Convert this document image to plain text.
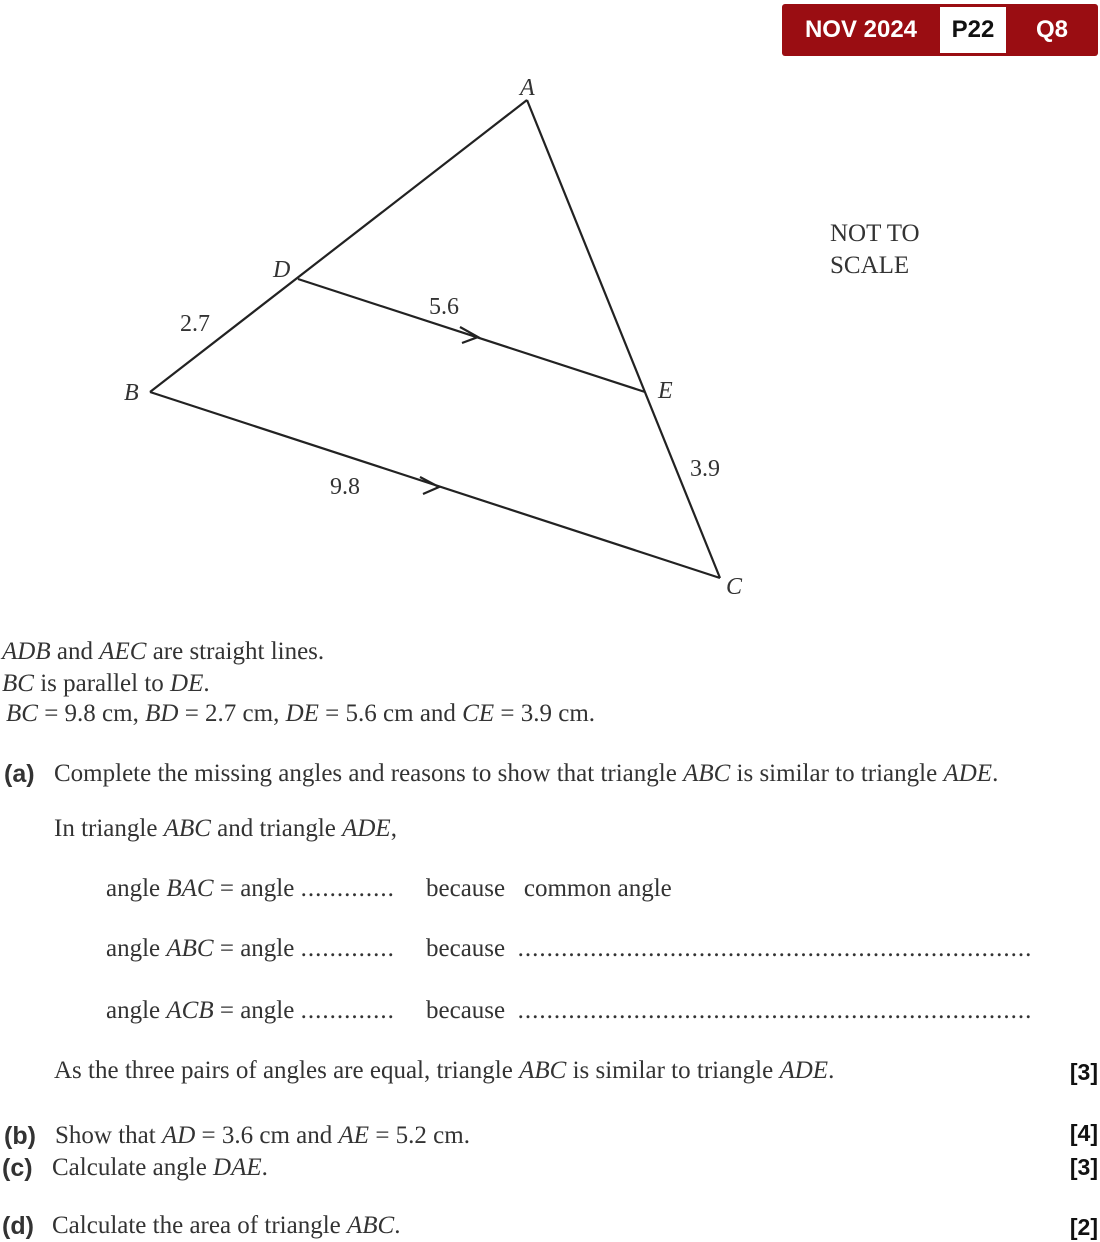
NOV 2024	P22	Q8
A
B
C
D
E
2.7
5.6
9.8
3.9
NOT TO
SCALE
ADB and AEC are straight lines.
BC is parallel to DE.
BC = 9.8 cm, BD = 2.7 cm, DE = 5.6 cm and CE = 3.9 cm.
(a) Complete the missing angles and reasons to show that triangle ABC is similar to triangle ADE.
In triangle ABC and triangle ADE,
angle BAC = angle ............. because common angle
angle ABC = angle ............. because .......................................................................
angle ACB = angle ............. because .......................................................................
As the three pairs of angles are equal, triangle ABC is similar to triangle ADE.	[3]
(b) Show that AD = 3.6 cm and AE = 5.2 cm.	[4]
(c) Calculate angle DAE.	[3]
(d) Calculate the area of triangle ABC.	[2]
